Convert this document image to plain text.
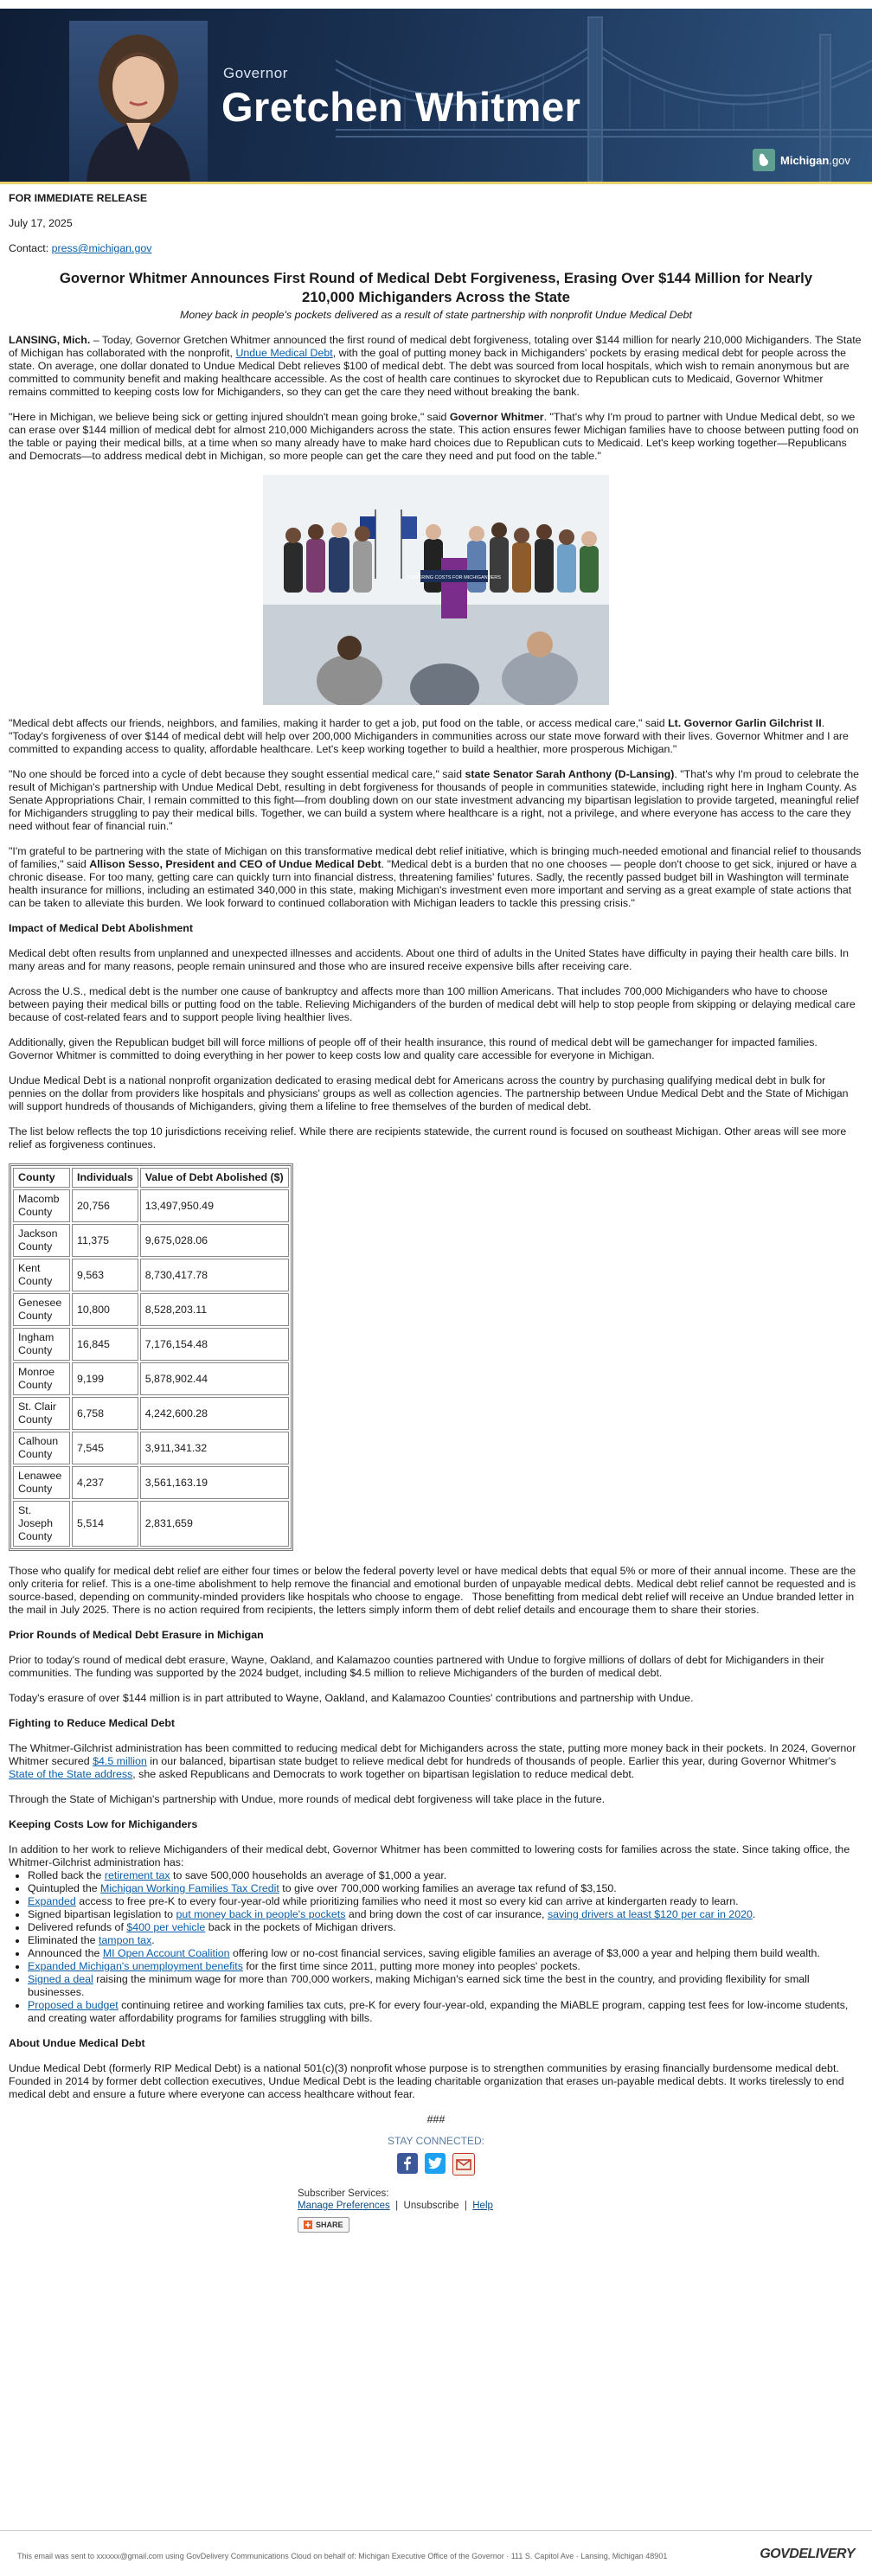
Governor
Gretchen Whitmer
Michigan.gov

FOR IMMEDIATE RELEASE

July 17, 2025

Contact: press@michigan.gov

Governor Whitmer Announces First Round of Medical Debt Forgiveness, Erasing Over $144 Million for Nearly 210,000 Michiganders Across the State
Money back in people's pockets delivered as a result of state partnership with nonprofit Undue Medical Debt

LANSING, Mich. – Today, Governor Gretchen Whitmer announced the first round of medical debt forgiveness, totaling over $144 million for nearly 210,000 Michiganders. The State of Michigan has collaborated with the nonprofit, Undue Medical Debt, with the goal of putting money back in Michiganders' pockets by erasing medical debt for people across the state. On average, one dollar donated to Undue Medical Debt relieves $100 of medical debt. The debt was sourced from local hospitals, which wish to remain anonymous but are committed to community benefit and making healthcare accessible. As the cost of health care continues to skyrocket due to Republican cuts to Medicaid, Governor Whitmer remains committed to keeping costs low for Michiganders, so they can get the care they need without breaking the bank.

"Here in Michigan, we believe being sick or getting injured shouldn't mean going broke," said Governor Whitmer. "That's why I'm proud to partner with Undue Medical debt, so we can erase over $144 million of medical debt for almost 210,000 Michiganders across the state. This action ensures fewer Michigan families have to choose between putting food on the table or paying their medical bills, at a time when so many already have to make hard choices due to Republican cuts to Medicaid. Let's keep working together—Republicans and Democrats—to address medical debt in Michigan, so more people can get the care they need and put food on the table."

LOWERING COSTS FOR MICHIGANDERS

"Medical debt affects our friends, neighbors, and families, making it harder to get a job, put food on the table, or access medical care," said Lt. Governor Garlin Gilchrist II. "Today's forgiveness of over $144 of medical debt will help over 200,000 Michiganders in communities across our state move forward with their lives. Governor Whitmer and I are committed to expanding access to quality, affordable healthcare. Let's keep working together to build a healthier, more prosperous Michigan."

"No one should be forced into a cycle of debt because they sought essential medical care," said state Senator Sarah Anthony (D-Lansing). "That's why I'm proud to celebrate the result of Michigan's partnership with Undue Medical Debt, resulting in debt forgiveness for thousands of people in communities statewide, including right here in Ingham County. As Senate Appropriations Chair, I remain committed to this fight—from doubling down on our state investment advancing my bipartisan legislation to provide targeted, meaningful relief for Michiganders struggling to pay their medical bills. Together, we can build a system where healthcare is a right, not a privilege, and where everyone has access to the care they need without fear of financial ruin."

"I'm grateful to be partnering with the state of Michigan on this transformative medical debt relief initiative, which is bringing much-needed emotional and financial relief to thousands of families," said Allison Sesso, President and CEO of Undue Medical Debt. "Medical debt is a burden that no one chooses — people don't choose to get sick, injured or have a chronic disease. For too many, getting care can quickly turn into financial distress, threatening families' futures. Sadly, the recently passed budget bill in Washington will terminate health insurance for millions, including an estimated 340,000 in this state, making Michigan's investment even more important and serving as a great example of state actions that can be taken to alleviate this burden. We look forward to continued collaboration with Michigan leaders to tackle this pressing crisis."

Impact of Medical Debt Abolishment

Medical debt often results from unplanned and unexpected illnesses and accidents. About one third of adults in the United States have difficulty in paying their health care bills. In many areas and for many reasons, people remain uninsured and those who are insured receive expensive bills after receiving care.

Across the U.S., medical debt is the number one cause of bankruptcy and affects more than 100 million Americans. That includes 700,000 Michiganders who have to choose between paying their medical bills or putting food on the table. Relieving Michiganders of the burden of medical debt will help to stop people from skipping or delaying medical care because of cost-related fears and to support people living healthier lives.

Additionally, given the Republican budget bill will force millions of people off of their health insurance, this round of medical debt will be gamechanger for impacted families. Governor Whitmer is committed to doing everything in her power to keep costs low and quality care accessible for everyone in Michigan.

Undue Medical Debt is a national nonprofit organization dedicated to erasing medical debt for Americans across the country by purchasing qualifying medical debt in bulk for pennies on the dollar from providers like hospitals and physicians' groups as well as collection agencies. The partnership between Undue Medical Debt and the State of Michigan will support hundreds of thousands of Michiganders, giving them a lifeline to free themselves of the burden of medical debt.

The list below reflects the top 10 jurisdictions receiving relief. While there are recipients statewide, the current round is focused on southeast Michigan. Other areas will see more relief as forgiveness continues.

County	Individuals	Value of Debt Abolished ($)
Macomb County	20,756	13,497,950.49
Jackson County	11,375	9,675,028.06
Kent County	9,563	8,730,417.78
Genesee County	10,800	8,528,203.11
Ingham County	16,845	7,176,154.48
Monroe County	9,199	5,878,902.44
St. Clair County	6,758	4,242,600.28
Calhoun County	7,545	3,911,341.32
Lenawee County	4,237	3,561,163.19
St. Joseph County	5,514	2,831,659

Those who qualify for medical debt relief are either four times or below the federal poverty level or have medical debts that equal 5% or more of their annual income. These are the only criteria for relief. This is a one-time abolishment to help remove the financial and emotional burden of unpayable medical debts. Medical debt relief cannot be requested and is source-based, depending on community-minded providers like hospitals who choose to engage.   Those benefitting from medical debt relief will receive an Undue branded letter in the mail in July 2025. There is no action required from recipients, the letters simply inform them of debt relief details and encourage them to share their stories.

Prior Rounds of Medical Debt Erasure in Michigan

Prior to today's round of medical debt erasure, Wayne, Oakland, and Kalamazoo counties partnered with Undue to forgive millions of dollars of debt for Michiganders in their communities. The funding was supported by the 2024 budget, including $4.5 million to relieve Michiganders of the burden of medical debt.

Today's erasure of over $144 million is in part attributed to Wayne, Oakland, and Kalamazoo Counties' contributions and partnership with Undue.

Fighting to Reduce Medical Debt

The Whitmer-Gilchrist administration has been committed to reducing medical debt for Michiganders across the state, putting more money back in their pockets. In 2024, Governor Whitmer secured $4.5 million in our balanced, bipartisan state budget to relieve medical debt for hundreds of thousands of people. Earlier this year, during Governor Whitmer's State of the State address, she asked Republicans and Democrats to work together on bipartisan legislation to reduce medical debt.

Through the State of Michigan's partnership with Undue, more rounds of medical debt forgiveness will take place in the future.

Keeping Costs Low for Michiganders

In addition to her work to relieve Michiganders of their medical debt, Governor Whitmer has been committed to lowering costs for families across the state. Since taking office, the Whitmer-Gilchrist administration has:

• Rolled back the retirement tax to save 500,000 households an average of $1,000 a year.
• Quintupled the Michigan Working Families Tax Credit to give over 700,000 working families an average tax refund of $3,150.
• Expanded access to free pre-K to every four-year-old while prioritizing families who need it most so every kid can arrive at kindergarten ready to learn.
• Signed bipartisan legislation to put money back in people's pockets and bring down the cost of car insurance, saving drivers at least $120 per car in 2020.
• Delivered refunds of $400 per vehicle back in the pockets of Michigan drivers.
• Eliminated the tampon tax.
• Announced the MI Open Account Coalition offering low or no-cost financial services, saving eligible families an average of $3,000 a year and helping them build wealth.
• Expanded Michigan's unemployment benefits for the first time since 2011, putting more money into peoples' pockets.
• Signed a deal raising the minimum wage for more than 700,000 workers, making Michigan's earned sick time the best in the country, and providing flexibility for small businesses.
• Proposed a budget continuing retiree and working families tax cuts, pre-K for every four-year-old, expanding the MiABLE program, capping test fees for low-income students, and creating water affordability programs for families struggling with bills.

About Undue Medical Debt

Undue Medical Debt (formerly RIP Medical Debt) is a national 501(c)(3) nonprofit whose purpose is to strengthen communities by erasing financially burdensome medical debt. Founded in 2014 by former debt collection executives, Undue Medical Debt is the leading charitable organization that erases un-payable medical debts. It works tirelessly to end medical debt and ensure a future where everyone can access healthcare without fear.

###

STAY CONNECTED:
Subscriber Services:
Manage Preferences  |  Unsubscribe  |  Help
SHARE
This email was sent to xxxxxx@gmail.com using GovDelivery Communications Cloud on behalf of: Michigan Executive Office of the Governor · 111 S. Capitol Ave · Lansing, Michigan 48901	GOVDELIVERY
